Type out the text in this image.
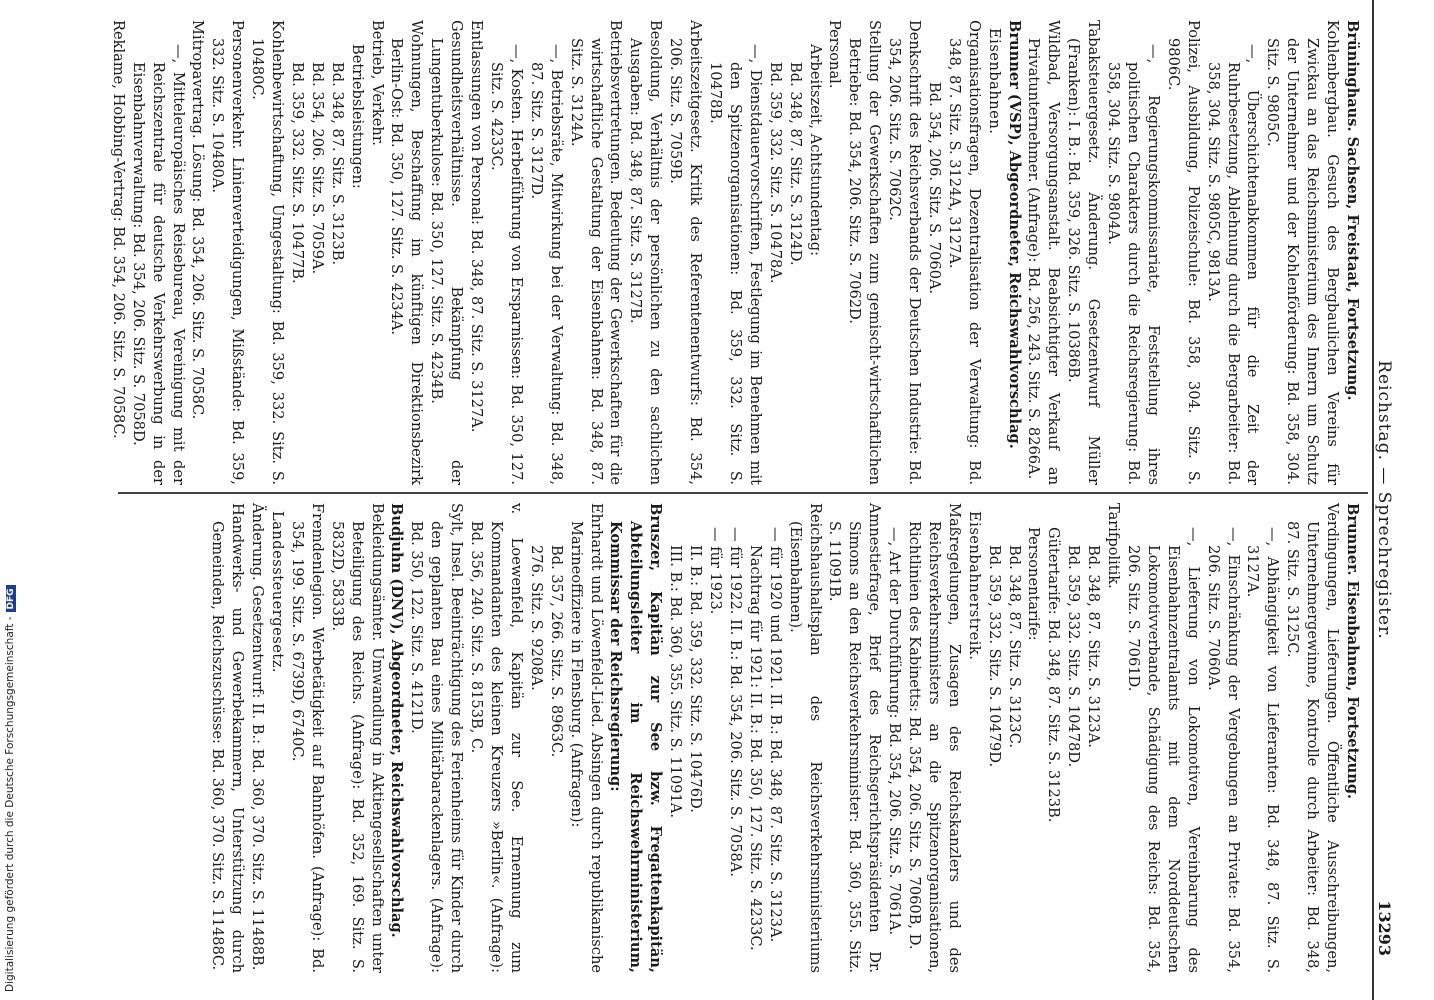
Reichstag. — Sprechregister.
13293

Brüninghaus. Sachsen, Freistaat, Fortsetzung.

Kohlenbergbau. Gesuch des Bergbaulichen Vereins für Zwickau an das Reichsministerium des Innern um Schutz der Unternehmer und der Kohlenförderung: Bd. 358, 304. Sitz. S. 9805C.

—, Überschichtenabkommen für die Zeit der Ruhrbesetzung, Ablehnung durch die Bergarbeiter: Bd. 358, 304. Sitz. S. 9805C, 9813A.

Polizei, Ausbildung, Polizeischule: Bd. 358, 304. Sitz. S. 9806C.

—, Regierungskommissariate, Feststellung ihres politischen Charakters durch die Reichsregierung: Bd. 358, 304. Sitz. S. 9804A.

Tabaksteuergesetz. Änderung. Gesetzentwurf Müller (Franken): I. B.: Bd. 359, 326. Sitz. S. 10386B.

Wildbad, Versorgungsanstalt. Beabsichtigter Verkauf an Privatunternehmer. (Anfrage): Bd. 256, 243. Sitz. S. 8266A.

Brunner (VSP), Abgeordneter, Reichswahlvorschlag.

Eisenbahnen.

Organisationsfragen, Dezentralisation der Verwaltung: Bd. 348, 87. Sitz. S. 3124A, 3127A.

Bd. 354, 206. Sitz. S. 7060A.

Denkschrift des Reichsverbands der Deutschen Industrie: Bd. 354, 206. Sitz. S. 7062C.

Stellung der Gewerkschaften zum gemischt-wirtschaftlichen Betriebe: Bd. 354, 206. Sitz. S. 7062D.

Personal.

Arbeitszeit, Achtstundentag:

Bd. 348, 87. Sitz. S. 3124D.

Bd. 359, 332. Sitz. S. 10478A.

—, Dienstdauervorschriften, Festlegung im Benehmen mit den Spitzenorganisationen: Bd. 359, 332. Sitz. S. 10478B.

Arbeitszeitgesetz. Kritik des Referentenentwurfs: Bd. 354, 206. Sitz. S. 7059B.

Besoldung, Verhältnis der persönlichen zu den sachlichen Ausgaben: Bd. 348, 87. Sitz. S. 3127B.

Betriebsvertretungen. Bedeutung der Gewerkschaften für die wirtschaftliche Gestaltung der Eisenbahnen: Bd. 348, 87. Sitz. S. 3124A.

—, Betriebsräte, Mitwirkung bei der Verwaltung: Bd. 348, 87. Sitz. S. 3127D.

—, Kosten. Herbeiführung von Ersparnissen: Bd. 350, 127. Sitz. S. 4233C.

Entlassungen von Personal: Bd. 348, 87. Sitz. S. 3127A.

Gesundheitsverhältnisse. Bekämpfung der Lungentuberkulose: Bd. 350, 127. Sitz. S. 4234B.

Wohnungen, Beschaffung im künftigen Direktionsbezirk Berlin-Ost: Bd. 350, 127. Sitz. S. 4234A.

Betrieb, Verkehr.

Betriebsleistungen:

Bd. 348, 87. Sitz. S. 3123B.

Bd. 354, 206. Sitz. S. 7059A.

Bd. 359, 332. Sitz. S. 10477B.

Kohlenbewirtschaftung, Umgestaltung: Bd. 359, 332. Sitz. S. 10480C.

Personenverkehr. Linienverteidigungen, Mißstände: Bd. 359, 332. Sitz. S. 10480A.

Mitropavertrag. Lösung: Bd. 354, 206. Sitz. S. 7058C.

—, Mitteleuropäisches Reisebureau, Vereinigung mit der Reichszentrale für deutsche Verkehrswerbung in der Eisenbahnverwaltung: Bd. 354, 206. Sitz. S. 7058D.

Reklame, Hobbing-Vertrag: Bd. 354, 206. Sitz. S. 7058C.

Brunner. Eisenbahnen, Fortsetzung.

Verdingungen, Lieferungen. Öffentliche Ausschreibungen, Unternehmergewinne, Kontrolle durch Arbeiter: Bd. 348, 87. Sitz. S. 3125C.

—, Abhängigkeit von Lieferanten: Bd. 348, 87. Sitz. S. 3127A.

—, Einschränkung der Vergebungen an Private: Bd. 354, 206. Sitz. S. 7060A.

—, Lieferung von Lokomotiven, Vereinbarung des Eisenbahnzentralamts mit dem Norddeutschen Lokomotivverbande, Schädigung des Reichs: Bd. 354, 206. Sitz. S. 7061D.

Tarifpolitik.

Bd. 348, 87. Sitz. S. 3123A.

Bd. 359, 332. Sitz. S. 10478D.

Gütertarife: Bd. 348, 87. Sitz. S. 3123B.

Personentarife:

Bd. 348, 87. Sitz. S. 3123C.

Bd. 359, 332. Sitz. S. 10479D.

Eisenbahnerstreik.

Maßregelungen, Zusagen des Reichskanzlers und des Reichsverkehrsministers an die Spitzenorganisationen, Richtlinien des Kabinetts: Bd. 354, 206. Sitz. S. 7060B, D.

—, Art der Durchführung: Bd. 354, 206. Sitz. S. 7061A.

Amnestiefrage, Brief des Reichsgerichtspräsidenten Dr. Simons an den Reichsverkehrsminister: Bd. 360, 355. Sitz. S. 11091B.

Reichshaushaltsplan des Reichsverkehrsministeriums (Eisenbahnen).

— für 1920 und 1921. II. B.: Bd. 348, 87. Sitz. S. 3123A.

Nachtrag für 1921: II. B.: Bd. 350, 127. Sitz. S. 4233C.

— für 1922. II. B.: Bd. 354, 206. Sitz. S. 7058A.

— für 1923.

II. B.: Bd. 359, 332. Sitz. S. 10476D.

III. B.: Bd. 360, 355. Sitz. S. 11091A.

Bruszer, Kapitän zur See bzw. Fregattenkapitän, Abteilungsleiter im Reichswehrministerium, Kommissar der Reichsregierung:

Ehrhardt und Löwenfeld-Lied. Absingen durch republikanische Marineoffiziere in Flensburg. (Anfragen):

Bd. 357, 266. Sitz. S. 8963C.

276. Sitz. S. 9208A.

v. Loewenfeld, Kapitän zur See. Ernennung zum Kommandanten des kleinen Kreuzers »Berlin«. (Anfrage): Bd. 356, 240. Sitz. S. 8153B, C.

Sylt, Insel. Beeinträchtigung des Ferienheims für Kinder durch den geplanten Bau eines Militärbarackenlagers. (Anfrage): Bd. 350, 122. Sitz. S. 4121D.

Budjuhn (DNV), Abgeordneter, Reichswahlvorschlag.

Bekleidungsämter. Umwandlung in Aktiengesellschaften unter Beteiligung des Reichs. (Anfrage): Bd. 352, 169. Sitz. S. 5832D, 5833B.

Fremdenlegion. Werbetätigkeit auf Bahnhöfen. (Anfrage): Bd. 354, 199. Sitz. S. 6739D, 6740C.

Landessteuergesetz.

Änderung. Gesetzentwurf: II. B.: Bd. 360, 370. Sitz. S. 11488B.

Handwerks- und Gewerbekammern, Unterstützung durch Gemeinden, Reichszuschüsse: Bd. 360, 370. Sitz. S. 11488C.

Digitalisierung gefördert durch die Deutsche Forschungsgemeinschaft -DFG
